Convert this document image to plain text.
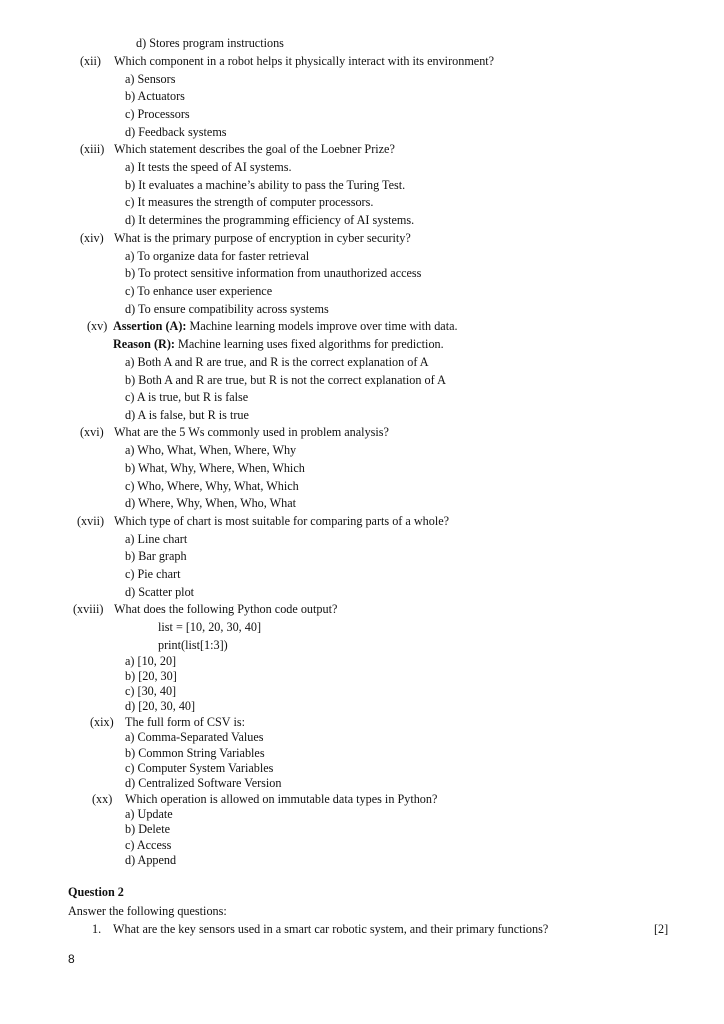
d) Stores program instructions
(xii) Which component in a robot helps it physically interact with its environment?
a) Sensors
b) Actuators
c) Processors
d) Feedback systems
(xiii) Which statement describes the goal of the Loebner Prize?
a) It tests the speed of AI systems.
b) It evaluates a machine’s ability to pass the Turing Test.
c) It measures the strength of computer processors.
d) It determines the programming efficiency of AI systems.
(xiv) What is the primary purpose of encryption in cyber security?
a) To organize data for faster retrieval
b) To protect sensitive information from unauthorized access
c) To enhance user experience
d) To ensure compatibility across systems
(xv) Assertion (A): Machine learning models improve over time with data.
Reason (R): Machine learning uses fixed algorithms for prediction.
a) Both A and R are true, and R is the correct explanation of A
b) Both A and R are true, but R is not the correct explanation of A
c) A is true, but R is false
d) A is false, but R is true
(xvi) What are the 5 Ws commonly used in problem analysis?
a) Who, What, When, Where, Why
b) What, Why, Where, When, Which
c) Who, Where, Why, What, Which
d) Where, Why, When, Who, What
(xvii) Which type of chart is most suitable for comparing parts of a whole?
a) Line chart
b) Bar graph
c) Pie chart
d) Scatter plot
(xviii) What does the following Python code output?
list = [10, 20, 30, 40]
print(list[1:3])
a) [10, 20]
b) [20, 30]
c) [30, 40]
d) [20, 30, 40]
(xix) The full form of CSV is:
a) Comma-Separated Values
b) Common String Variables
c) Computer System Variables
d) Centralized Software Version
(xx) Which operation is allowed on immutable data types in Python?
a) Update
b) Delete
c) Access
d) Append
Question 2
Answer the following questions:
1. What are the key sensors used in a smart car robotic system, and their primary functions?	[2]
8
